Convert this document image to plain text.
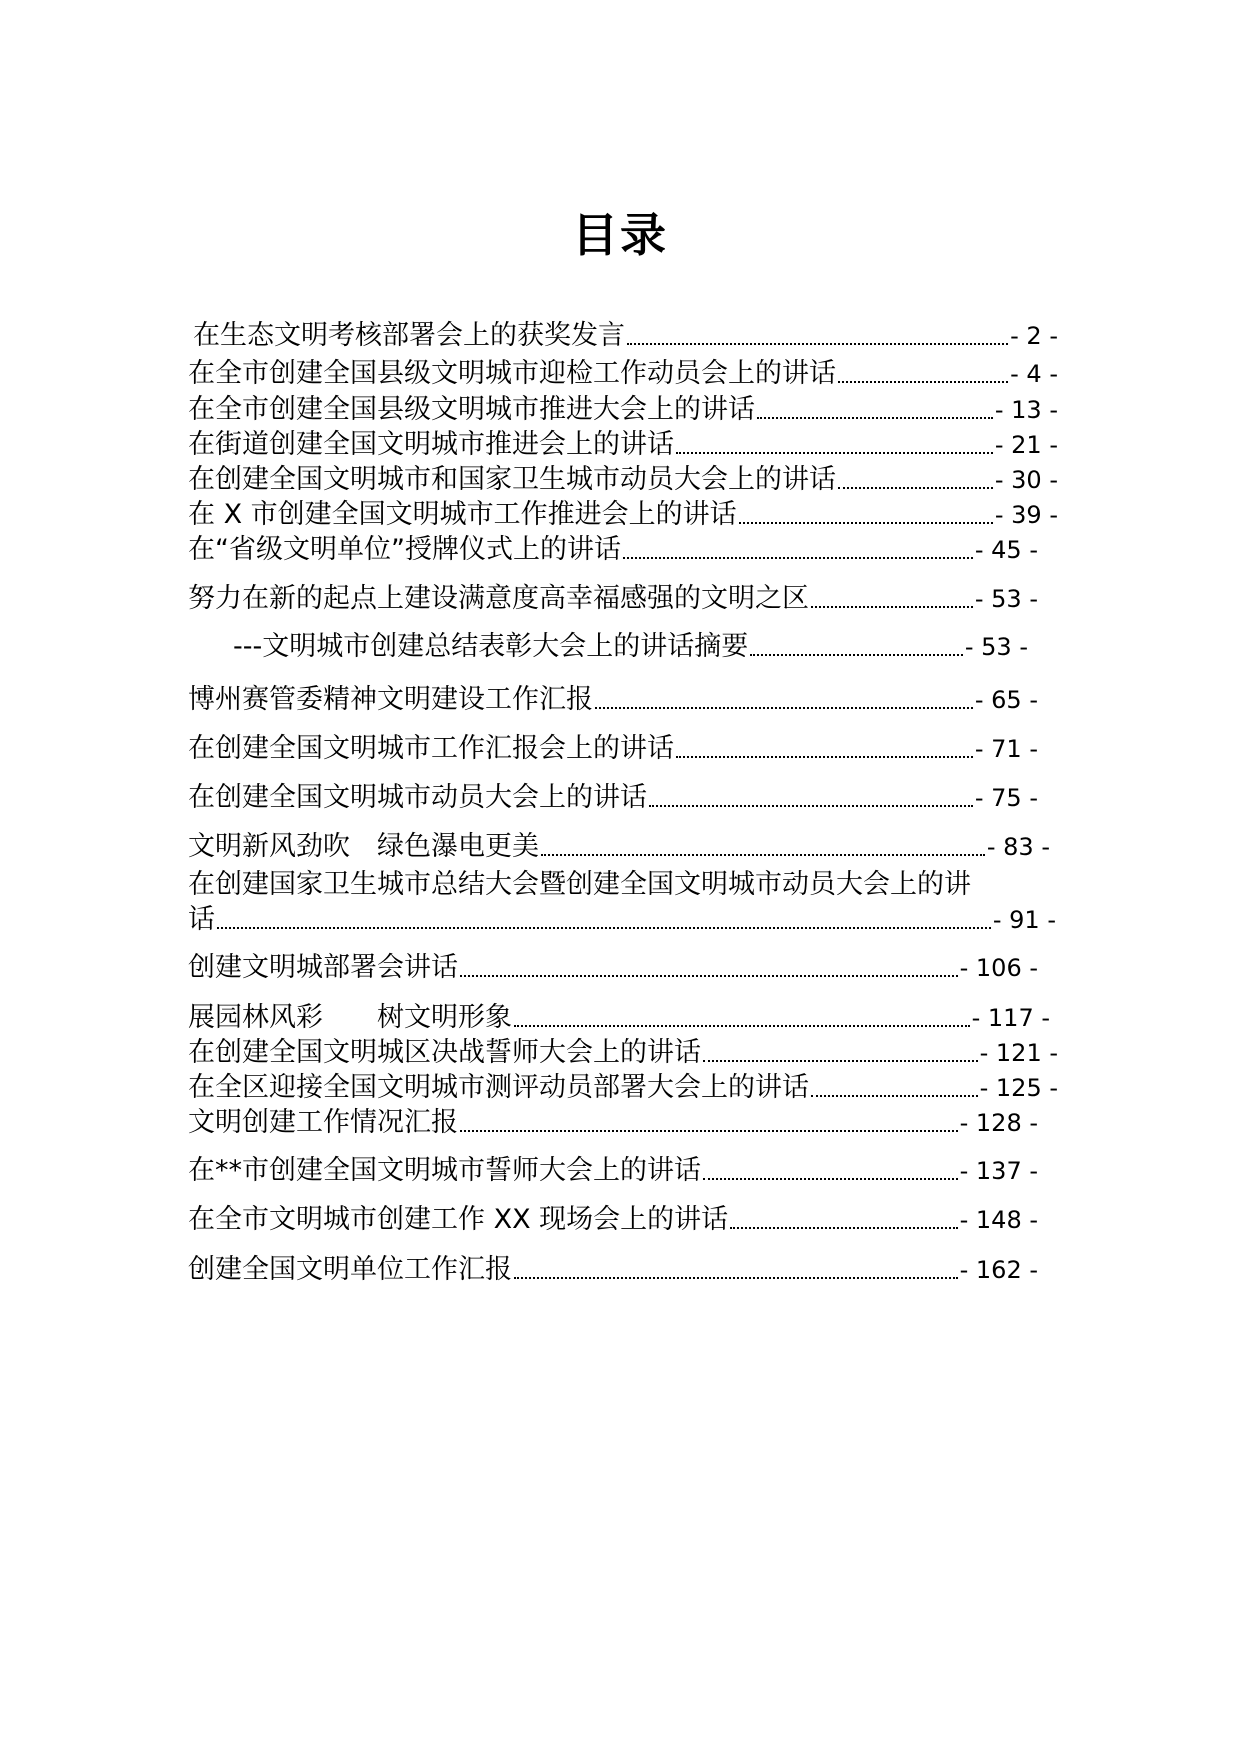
目录
在生态文明考核部署会上的获奖发言	- 2 -
在全市创建全国县级文明城市迎检工作动员会上的讲话	- 4 -
在全市创建全国县级文明城市推进大会上的讲话	- 13 -
在街道创建全国文明城市推进会上的讲话	- 21 -
在创建全国文明城市和国家卫生城市动员大会上的讲话	- 30 -
在 X 市创建全国文明城市工作推进会上的讲话	- 39 -
在“省级文明单位”授牌仪式上的讲话	- 45 -
努力在新的起点上建设满意度高幸福感强的文明之区	- 53 -
---文明城市创建总结表彰大会上的讲话摘要	- 53 -
博州赛管委精神文明建设工作汇报	- 65 -
在创建全国文明城市工作汇报会上的讲话	- 71 -
在创建全国文明城市动员大会上的讲话	- 75 -
文明新风劲吹　绿色瀑电更美	- 83 -
在创建国家卫生城市总结大会暨创建全国文明城市动员大会上的讲
话	- 91 -
创建文明城部署会讲话	- 106 -
展园林风彩　　树文明形象	- 117 -
在创建全国文明城区决战誓师大会上的讲话	- 121 -
在全区迎接全国文明城市测评动员部署大会上的讲话	- 125 -
文明创建工作情况汇报	- 128 -
在**市创建全国文明城市誓师大会上的讲话	- 137 -
在全市文明城市创建工作 XX 现场会上的讲话	- 148 -
创建全国文明单位工作汇报	- 162 -
